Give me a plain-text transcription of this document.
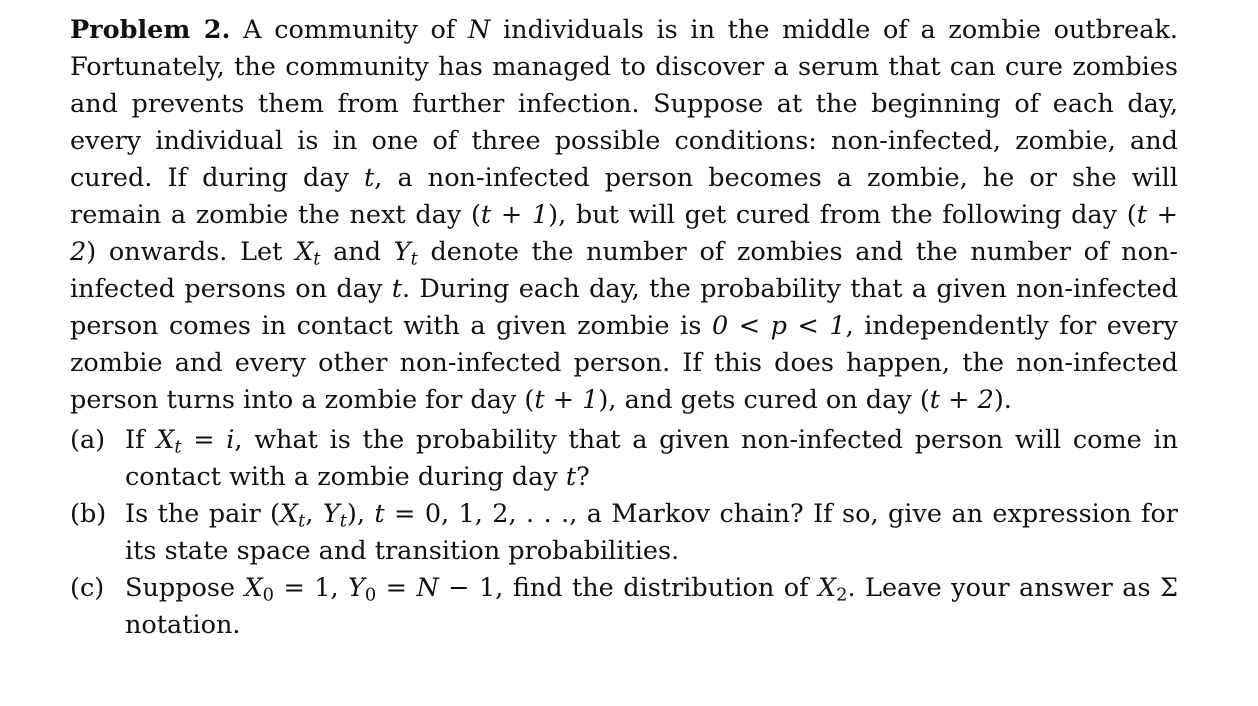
Problem 2. A community of N individuals is in the middle of a zombie outbreak. Fortunately, the community has managed to discover a serum that can cure zombies and prevents them from further infection. Suppose at the beginning of each day, every individual is in one of three possible conditions: non-infected, zombie, and cured. If during day t, a non-infected person becomes a zombie, he or she will remain a zombie the next day (t + 1), but will get cured from the following day (t + 2) onwards. Let $X_t$ and $Y_t$ denote the number of zombies and the number of non-infected persons on day t. During each day, the probability that a given non-infected person comes in contact with a given zombie is 0 < p < 1, independently for every zombie and every other non-infected person. If this does happen, the non-infected person turns into a zombie for day (t + 1), and gets cured on day (t + 2).

(a) If $X_t = i$, what is the probability that a given non-infected person will come in contact with a zombie during day t?
(b) Is the pair ($X_t$, $Y_t$), t = 0, 1, 2, . . ., a Markov chain? If so, give an expression for its state space and transition probabilities.
(c) Suppose $X_0 = 1$, $Y_0 = N - 1$, find the distribution of $X_2$. Leave your answer as Σ notation.
